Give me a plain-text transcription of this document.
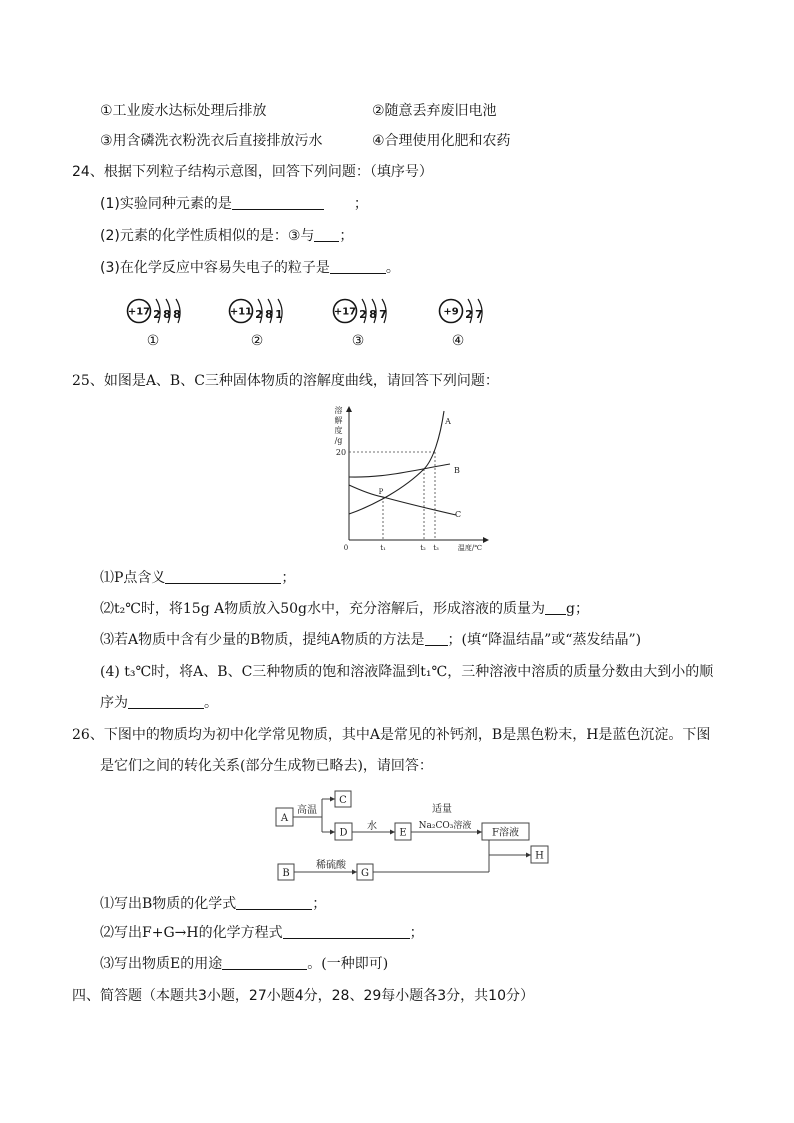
①工业废水达标处理后排放	②随意丢弃废旧电池
③用含磷洗衣粉洗衣后直接排放污水	④合理使用化肥和农药
24、根据下列粒子结构示意图，回答下列问题：（填序号）
(1)实验同种元素的是	；
(2)元素的化学性质相似的是：③与 ；
(3)在化学反应中容易失电子的粒子是	。
+17 2 8 8	+11 2 8 1	+17 2 8 7	+9 2 7
①	②	③	④
25、如图是A、B、C三种固体物质的溶解度曲线，请回答下列问题：
20
0	t₁	t₂ t₃	温度/℃
A
B
C
P
溶解度/g
⑴P点含义	；
⑵t₂℃时，将15g A物质放入50g水中，充分溶解后，形成溶液的质量为 g；
⑶若A物质中含有少量的B物质，提纯A物质的方法是 ；(填“降温结晶”或“蒸发结晶”)
(4) t₃℃时，将A、B、C三种物质的饱和溶液降温到t₁℃，三种溶液中溶质的质量分数由大到小的顺
序为	。
26、下图中的物质均为初中化学常见物质，其中A是常见的补钙剂，B是黑色粉末，H是蓝色沉淀。下图
是它们之间的转化关系(部分生成物已略去)，请回答：
A
C
D	E	F溶液
B	G
H
高温
水
适量
Na₂CO₃溶液
稀硫酸
⑴写出B物质的化学式	；
⑵写出F+G→H的化学方程式	；
⑶写出物质E的用途	。(一种即可)
四、简答题（本题共3小题，27小题4分，28、29每小题各3分，共10分）
